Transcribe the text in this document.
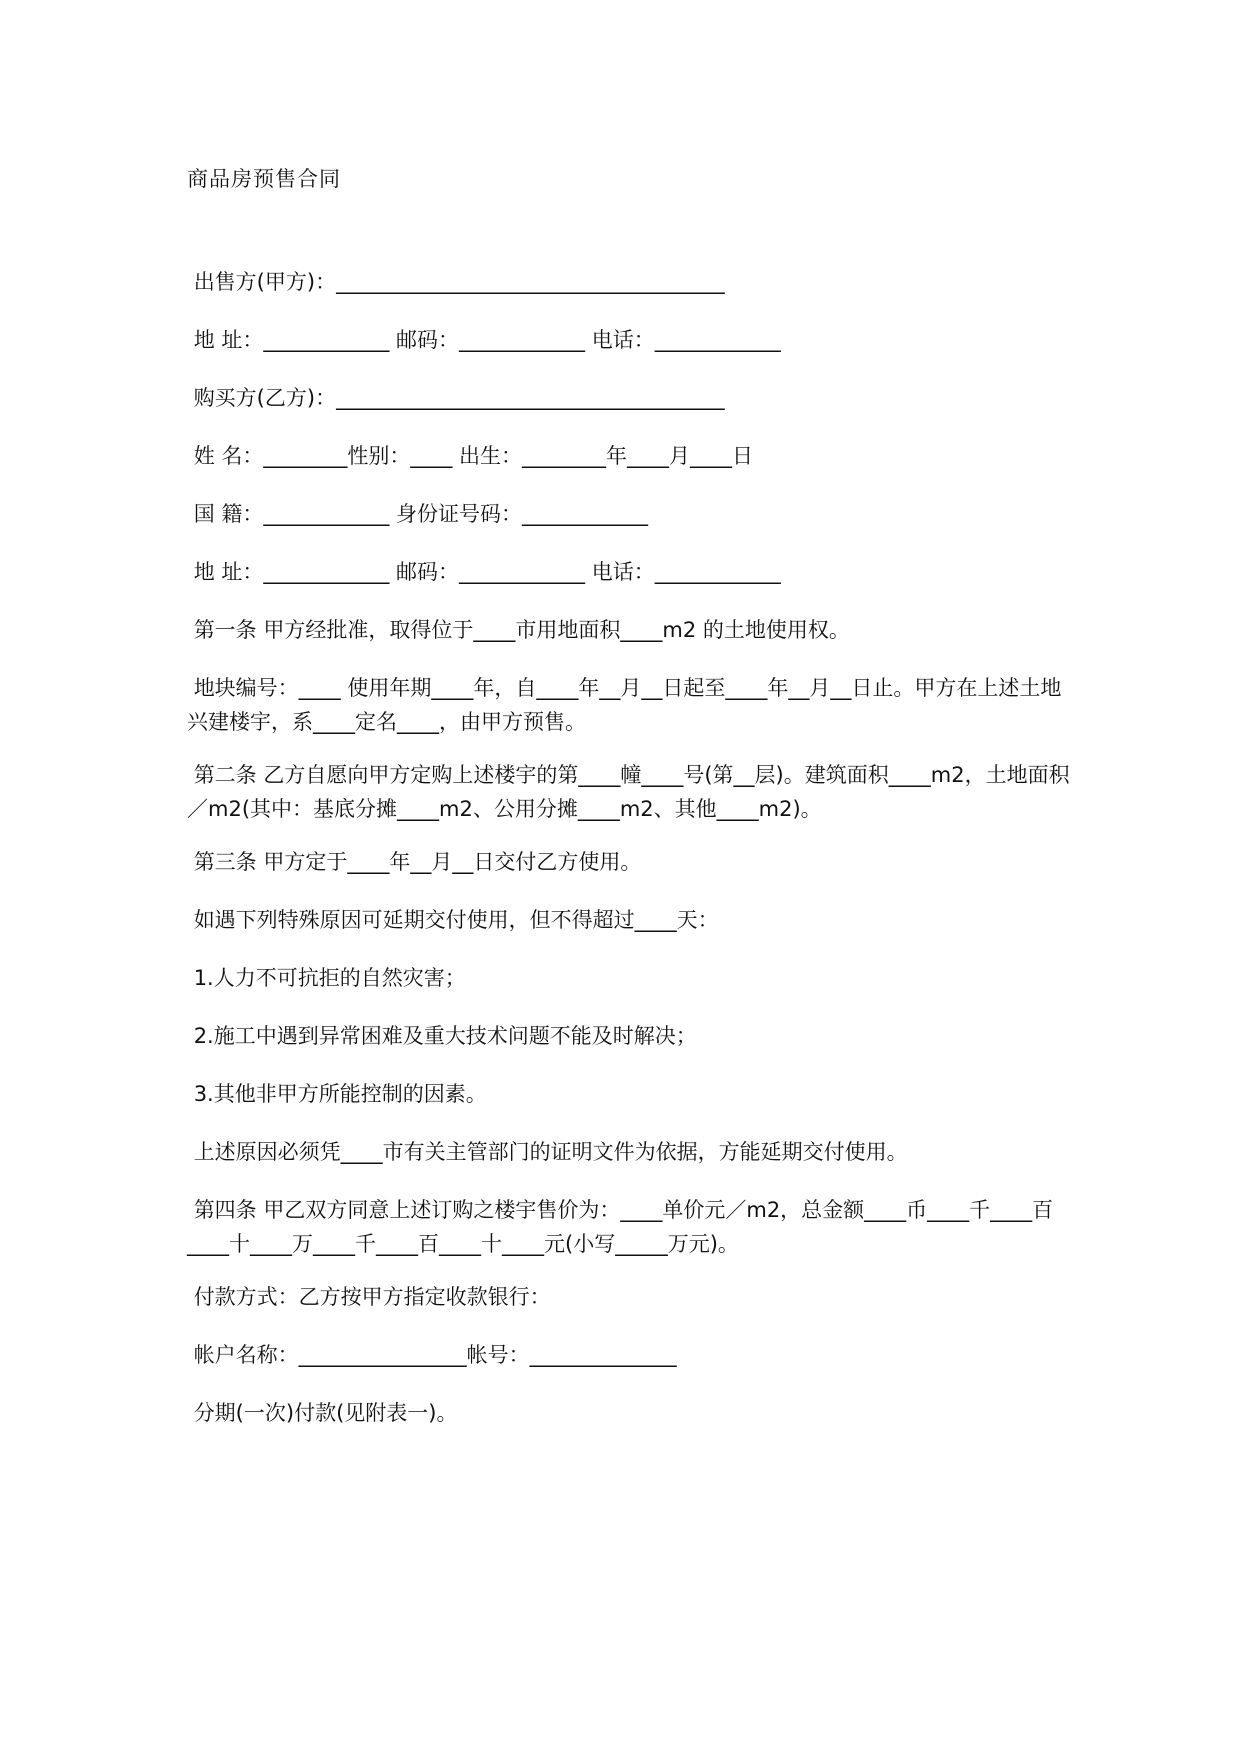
商品房预售合同
出售方(甲方)：_____________________________________
地 址：____________ 邮码：____________ 电话：____________
购买方(乙方)：_____________________________________
姓 名：________性别：____ 出生：________年____月____日
国 籍：____________ 身份证号码：____________
地 址：____________ 邮码：____________ 电话：____________
第一条 甲方经批准，取得位于____市用地面积____m2 的土地使用权。
地块编号：____ 使用年期____年，自____年__月__日起至____年__月__日止。甲方在上述土地兴建楼宇，系____定名____，由甲方预售。
第二条 乙方自愿向甲方定购上述楼宇的第____幢____号(第__层)。建筑面积____m2，土地面积／m2(其中：基底分摊____m2、公用分摊____m2、其他____m2)。
第三条 甲方定于____年__月__日交付乙方使用。
如遇下列特殊原因可延期交付使用，但不得超过____天：
1.人力不可抗拒的自然灾害；
2.施工中遇到异常困难及重大技术问题不能及时解决；
3.其他非甲方所能控制的因素。
上述原因必须凭____市有关主管部门的证明文件为依据，方能延期交付使用。
第四条 甲乙双方同意上述订购之楼宇售价为：____单价元／m2，总金额____币____千____百____十____万____千____百____十____元(小写_____万元)。
付款方式：乙方按甲方指定收款银行：
帐户名称：________________帐号：______________
分期(一次)付款(见附表一)。
